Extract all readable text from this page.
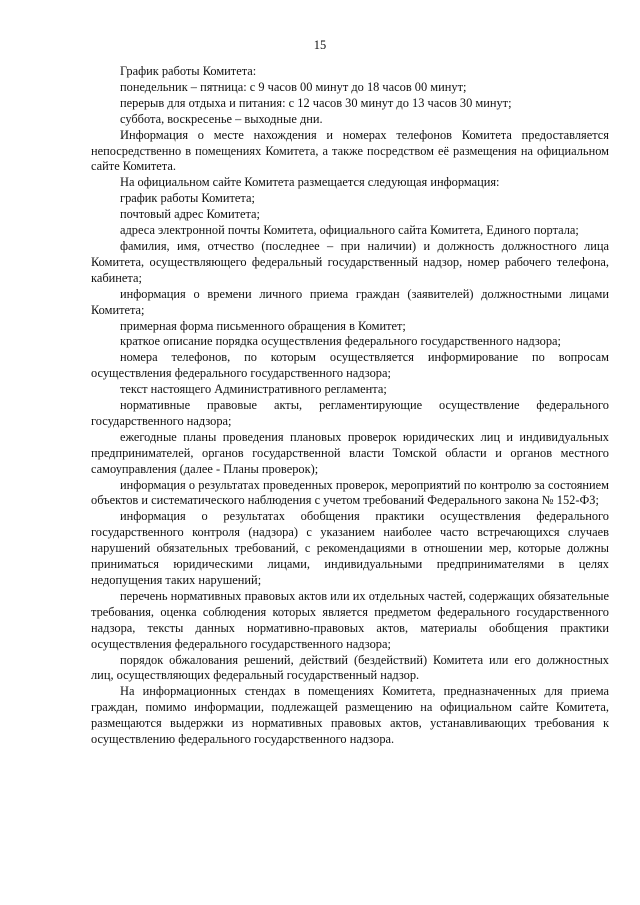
15

График работы Комитета:

понедельник – пятница: с 9 часов 00 минут до 18 часов 00 минут;

перерыв для отдыха и питания: с 12 часов 30 минут до 13 часов 30 минут;

суббота, воскресенье – выходные дни.

Информация о месте нахождения и номерах телефонов Комитета предоставляется непосредственно в помещениях Комитета, а также посредством её размещения на официальном сайте Комитета.

На официальном сайте Комитета размещается следующая информация:

график работы Комитета;

почтовый адрес Комитета;

адреса электронной почты Комитета, официального сайта Комитета, Единого портала;

фамилия, имя, отчество (последнее – при наличии) и должность должностного лица Комитета, осуществляющего федеральный государственный надзор, номер рабочего телефона, кабинета;

информация о времени личного приема граждан (заявителей) должностными лицами Комитета;

примерная форма письменного обращения в Комитет;

краткое описание порядка осуществления федерального государственного надзора;

номера телефонов, по которым осуществляется информирование по вопросам осуществления федерального государственного надзора;

текст настоящего Административного регламента;

нормативные правовые акты, регламентирующие осуществление федерального государственного надзора;

ежегодные планы проведения плановых проверок юридических лиц и индивидуальных предпринимателей, органов государственной власти Томской области и органов местного самоуправления (далее - Планы проверок);

информация о результатах проведенных проверок, мероприятий по контролю за состоянием объектов и систематического наблюдения с учетом требований Федерального закона № 152-ФЗ;

информация о результатах обобщения практики осуществления федерального государственного контроля (надзора) с указанием наиболее часто встречающихся случаев нарушений обязательных требований, с рекомендациями в отношении мер, которые должны приниматься юридическими лицами, индивидуальными предпринимателями в целях недопущения таких нарушений;

перечень нормативных правовых актов или их отдельных частей, содержащих обязательные требования, оценка соблюдения которых является предметом федерального государственного надзора, тексты данных нормативно-правовых актов, материалы обобщения практики осуществления федерального государственного надзора;

порядок обжалования решений, действий (бездействий) Комитета или его должностных лиц, осуществляющих федеральный государственный надзор.

На информационных стендах в помещениях Комитета, предназначенных для приема граждан, помимо информации, подлежащей размещению на официальном сайте Комитета, размещаются выдержки из нормативных правовых актов, устанавливающих требования к осуществлению федерального государственного надзора.
